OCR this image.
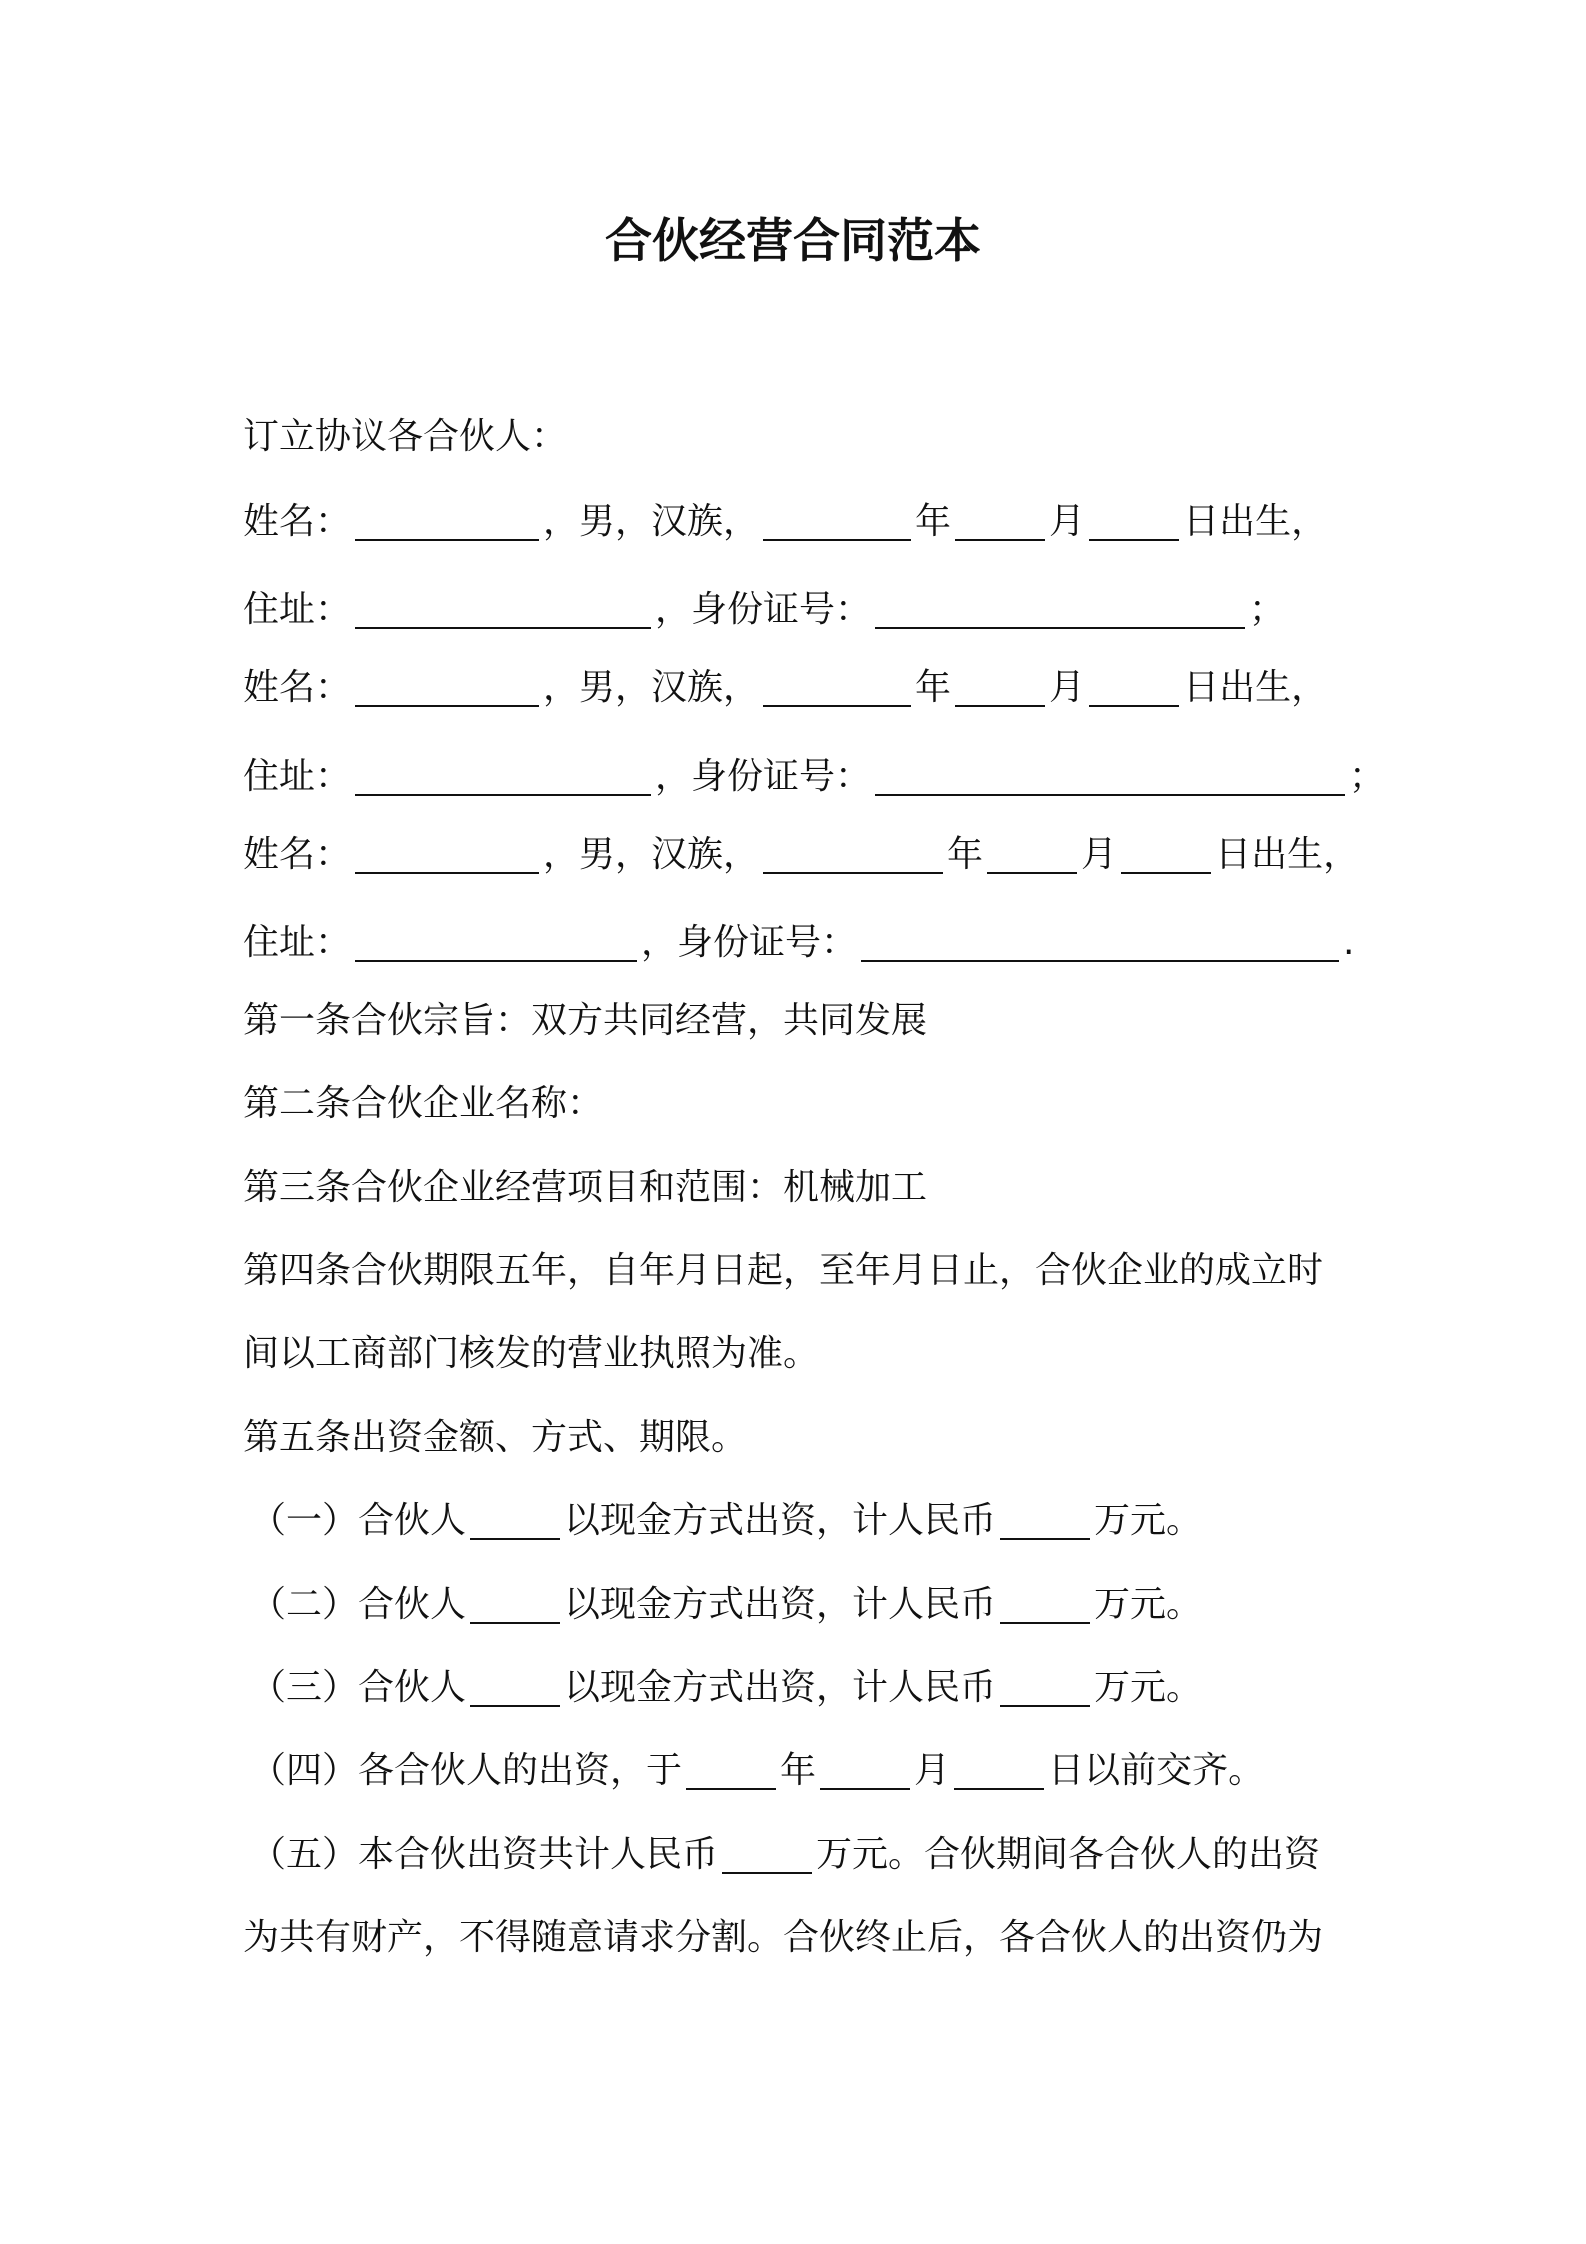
合伙经营合同范本
订立协议各合伙人：
姓名：	，男，汉族，	年	月	日出生，
住址：	，身份证号：	；
姓名：	，男，汉族，	年	月	日出生，
住址：	，身份证号：	；
姓名：	，男，汉族，	年	月	日出生，
住址：	，身份证号：	.
第一条合伙宗旨：双方共同经营，共同发展
第二条合伙企业名称：
第三条合伙企业经营项目和范围：机械加工
第四条合伙期限五年，自年月日起，至年月日止，合伙企业的成立时
间以工商部门核发的营业执照为准。
第五条出资金额、方式、期限。
（一）合伙人	以现金方式出资，计人民币	万元。
（二）合伙人	以现金方式出资，计人民币	万元。
（三）合伙人	以现金方式出资，计人民币	万元。
（四）各合伙人的出资，于	年	月	日以前交齐。
（五）本合伙出资共计人民币	万元。合伙期间各合伙人的出资
为共有财产，不得随意请求分割。合伙终止后，各合伙人的出资仍为
